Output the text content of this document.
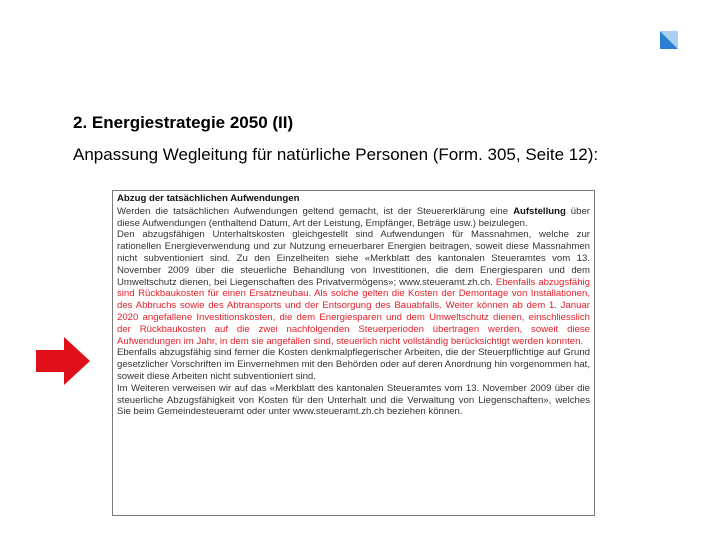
2. Energiestrategie 2050 (II)
Anpassung Wegleitung für natürliche Personen (Form. 305, Seite 12):
Abzug der tatsächlichen Aufwendungen

Werden die tatsächlichen Aufwendungen geltend gemacht, ist der Steuererklärung eine Aufstellung über diese Aufwendungen (enthaltend Datum, Art der Leistung, Empfänger, Beträge usw.) beizulegen.

Den abzugsfähigen Unterhaltskosten gleichgestellt sind Aufwendungen für Massnahmen, welche zur rationellen Energieverwendung und zur Nutzung erneuerbarer Energien beitragen, soweit diese Massnahmen nicht subventioniert sind. Zu den Einzelheiten siehe «Merkblatt des kantonalen Steueramtes vom 13. November 2009 über die steuerliche Behandlung von Investitionen, die dem Energiesparen und dem Umweltschutz dienen, bei Liegenschaften des Privatvermögens»; www.steueramt.zh.ch. Ebenfalls abzugsfähig sind Rückbaukosten für einen Ersatzneubau. Als solche gelten die Kosten der Demontage von Installationen, des Abbruchs sowie des Abtransports und der Entsorgung des Bauabfalls. Weiter können ab dem 1. Januar 2020 angefallene Investitionskosten, die dem Energiesparen und dem Umweltschutz dienen, einschliesslich der Rückbaukosten auf die zwei nachfolgenden Steuerperioden übertragen werden, soweit diese Aufwendungen im Jahr, in dem sie angefallen sind, steuerlich nicht vollständig berücksichtigt werden konnten.

Ebenfalls abzugsfähig sind ferner die Kosten denkmalpflegerischer Arbeiten, die der Steuerpflichtige auf Grund gesetzlicher Vorschriften im Einvernehmen mit den Behörden oder auf deren Anordnung hin vorgenommen hat, soweit diese Arbeiten nicht subventioniert sind.

Im Weiteren verweisen wir auf das «Merkblatt des kantonalen Steueramtes vom 13. November 2009 über die steuerliche Abzugsfähigkeit von Kosten für den Unterhalt und die Verwaltung von Liegenschaften», welches Sie beim Gemeindesteueramt oder unter www.steueramt.zh.ch beziehen können.
